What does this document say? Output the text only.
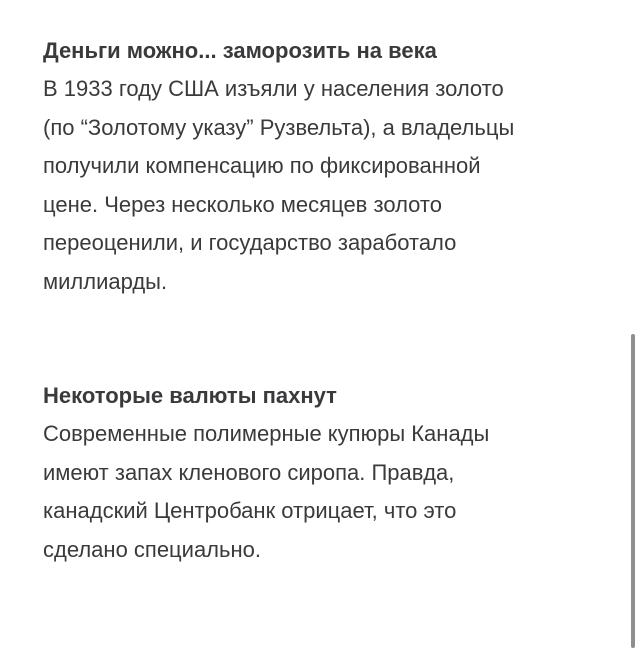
Деньги можно... заморозить на века

В 1933 году США изъяли у населения золото

(по “Золотому указу” Рузвельта), а владельцы

получили компенсацию по фиксированной

цене. Через несколько месяцев золото

переоценили, и государство заработало

миллиарды.

Некоторые валюты пахнут

Современные полимерные купюры Канады

имеют запах кленового сиропа. Правда,

канадский Центробанк отрицает, что это

сделано специально.
